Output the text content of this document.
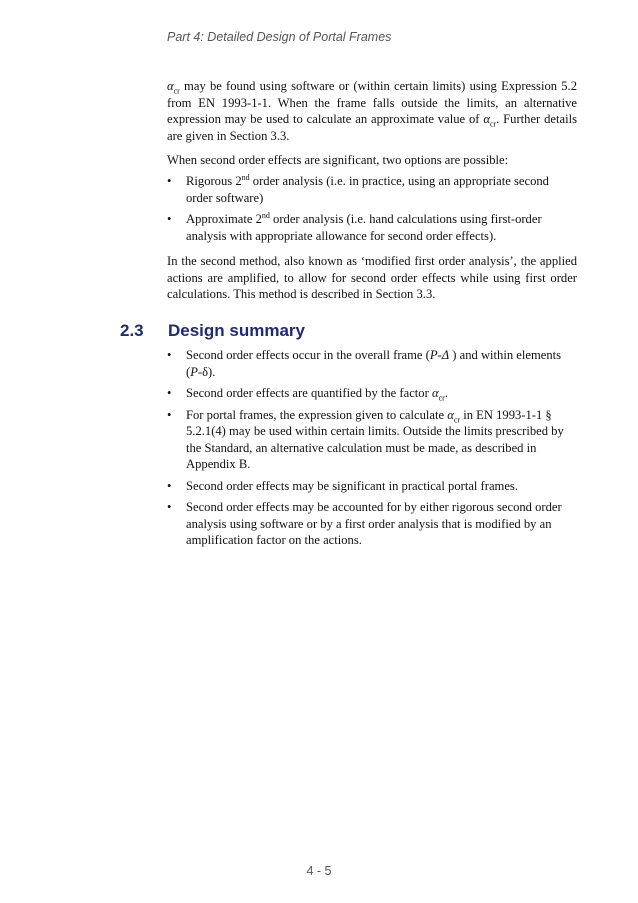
Part 4: Detailed Design of Portal Frames

$\alpha_{cr}$ may be found using software or (within certain limits) using Expression 5.2 from EN 1993-1-1. When the frame falls outside the limits, an alternative expression may be used to calculate an approximate value of $\alpha_{cr}$. Further details are given in Section 3.3.

When second order effects are significant, two options are possible:

• Rigorous 2nd order analysis (i.e. in practice, using an appropriate second order software)
• Approximate 2nd order analysis (i.e. hand calculations using first-order analysis with appropriate allowance for second order effects).

In the second method, also known as ‘modified first order analysis’, the applied actions are amplified, to allow for second order effects while using first order calculations. This method is described in Section 3.3.

2.3 Design summary
• Second order effects occur in the overall frame (P-Δ ) and within elements (P-δ).
• Second order effects are quantified by the factor $\alpha_{cr}$.
• For portal frames, the expression given to calculate $\alpha_{cr}$ in EN 1993-1-1 § 5.2.1(4) may be used within certain limits. Outside the limits prescribed by the Standard, an alternative calculation must be made, as described in Appendix B.
• Second order effects may be significant in practical portal frames.
• Second order effects may be accounted for by either rigorous second order analysis using software or by a first order analysis that is modified by an amplification factor on the actions.
4 - 5
